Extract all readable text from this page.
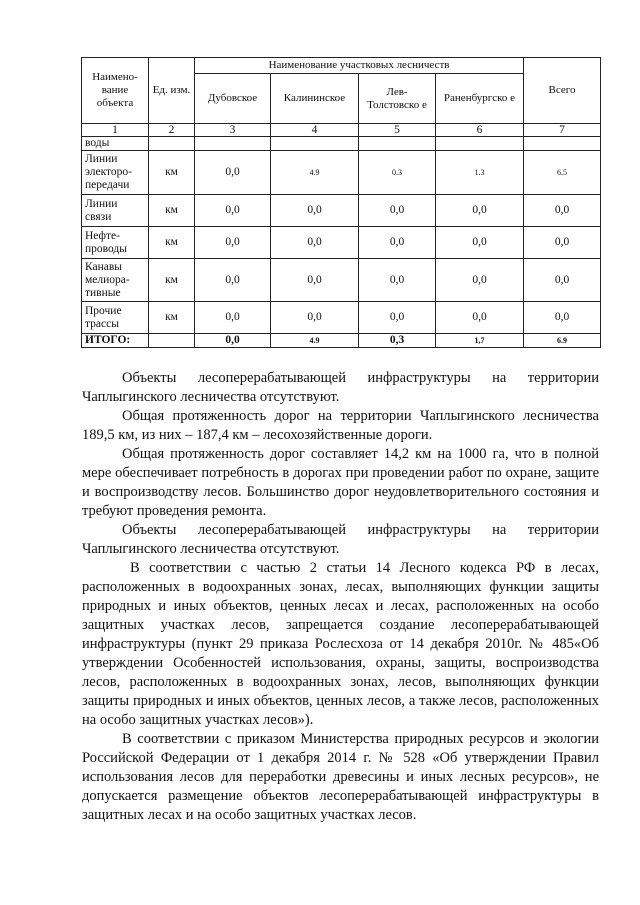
Наимено-вание объекта	Ед. изм.	Наименование участковых лесничеств				Всего
		Дубовское	Калининское	Лев-Толстовско е	Раненбургско е	
1	2	3	4	5	6	7
воды						
Линии электоро-передачи	км	0,0	4.9	0.3	1.3	6.5
Линии связи	км	0,0	0,0	0,0	0,0	0,0
Нефте-проводы	км	0,0	0,0	0,0	0,0	0,0
Канавы мелиора-тивные	км	0,0	0,0	0,0	0,0	0,0
Прочие трассы	км	0,0	0,0	0,0	0,0	0,0
ИТОГО:		0,0	4.9	0,3	1,7	6.9

Объекты лесоперерабатывающей инфраструктуры на территории Чаплыгинского лесничества отсутствуют.

Общая протяженность дорог на территории Чаплыгинского лесничества 189,5 км, из них – 187,4 км – лесохозяйственные дороги.

Общая протяженность дорог составляет 14,2 км на 1000 га, что в полной мере обеспечивает потребность в дорогах при проведении работ по охране, защите и воспроизводству лесов. Большинство дорог неудовлетворительного состояния и требуют проведения ремонта.

Объекты лесоперерабатывающей инфраструктуры на территории Чаплыгинского лесничества отсутствуют.

В соответствии с частью 2 статьи 14 Лесного кодекса РФ в лесах, расположенных в водоохранных зонах, лесах, выполняющих функции защиты природных и иных объектов, ценных лесах и лесах, расположенных на особо защитных участках лесов, запрещается создание лесоперерабатывающей инфраструктуры (пункт 29 приказа Рослесхоза от 14 декабря 2010г. № 485«Об утверждении Особенностей использования, охраны, защиты, воспроизводства лесов, расположенных в водоохранных зонах, лесов, выполняющих функции защиты природных и иных объектов, ценных лесов, а также лесов, расположенных на особо защитных участках лесов»).

В соответствии с приказом Министерства природных ресурсов и экологии Российской Федерации от 1 декабря 2014 г. № 528 «Об утверждении Правил использования лесов для переработки древесины и иных лесных ресурсов», не допускается размещение объектов лесоперерабатывающей инфраструктуры в защитных лесах и на особо защитных участках лесов.
